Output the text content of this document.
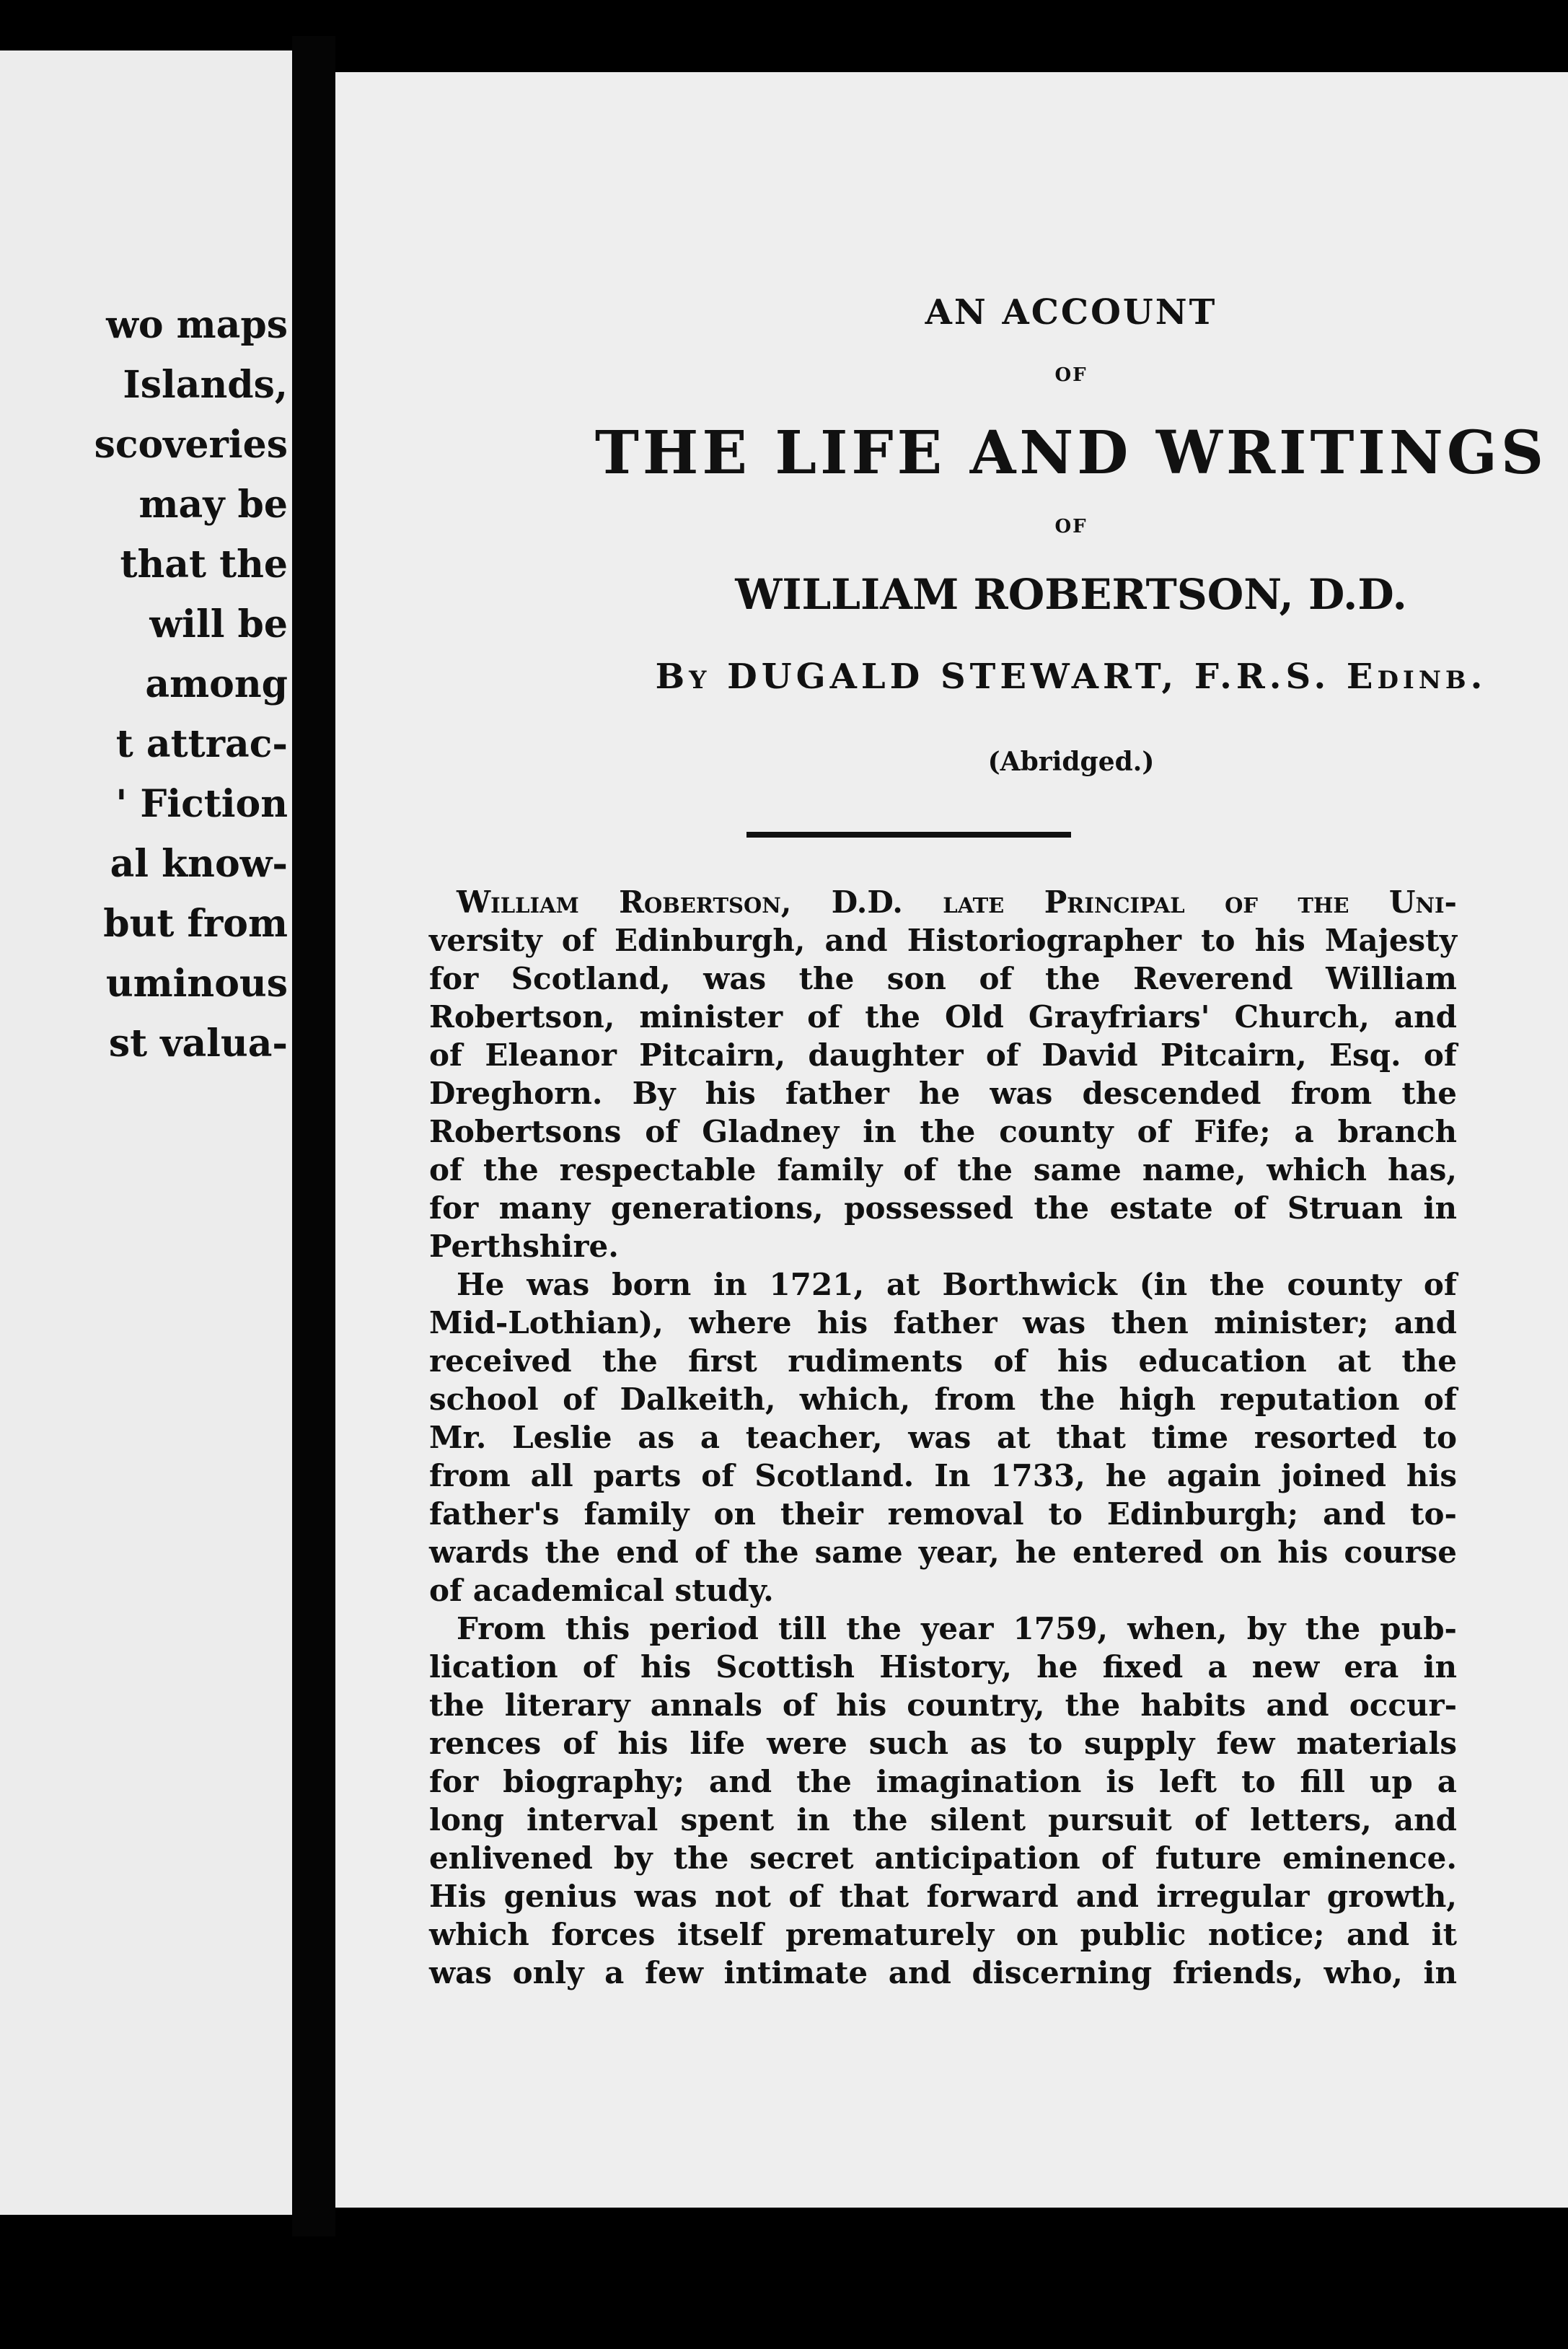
wo maps
Islands,
scoveries
may be
that the
will be
among
t attrac-
' Fiction
al know-
but from
uminous
st valua-
AN ACCOUNT
OF
THE LIFE AND WRITINGS
OF
WILLIAM ROBERTSON, D.D.
By DUGALD STEWART, F.R.S. Edinb.
(Abridged.)
William Robertson, D.D. late Principal of the Uni-
versity of Edinburgh, and Historiographer to his Majesty
for Scotland, was the son of the Reverend William
Robertson, minister of the Old Grayfriars' Church, and
of Eleanor Pitcairn, daughter of David Pitcairn, Esq. of
Dreghorn. By his father he was descended from the
Robertsons of Gladney in the county of Fife; a branch
of the respectable family of the same name, which has,
for many generations, possessed the estate of Struan in
Perthshire.
He was born in 1721, at Borthwick (in the county of
Mid-Lothian), where his father was then minister; and
received the first rudiments of his education at the
school of Dalkeith, which, from the high reputation of
Mr. Leslie as a teacher, was at that time resorted to
from all parts of Scotland. In 1733, he again joined his
father's family on their removal to Edinburgh; and to-
wards the end of the same year, he entered on his course
of academical study.
From this period till the year 1759, when, by the pub-
lication of his Scottish History, he fixed a new era in
the literary annals of his country, the habits and occur-
rences of his life were such as to supply few materials
for biography; and the imagination is left to fill up a
long interval spent in the silent pursuit of letters, and
enlivened by the secret anticipation of future eminence.
His genius was not of that forward and irregular growth,
which forces itself prematurely on public notice; and it
was only a few intimate and discerning friends, who, in
